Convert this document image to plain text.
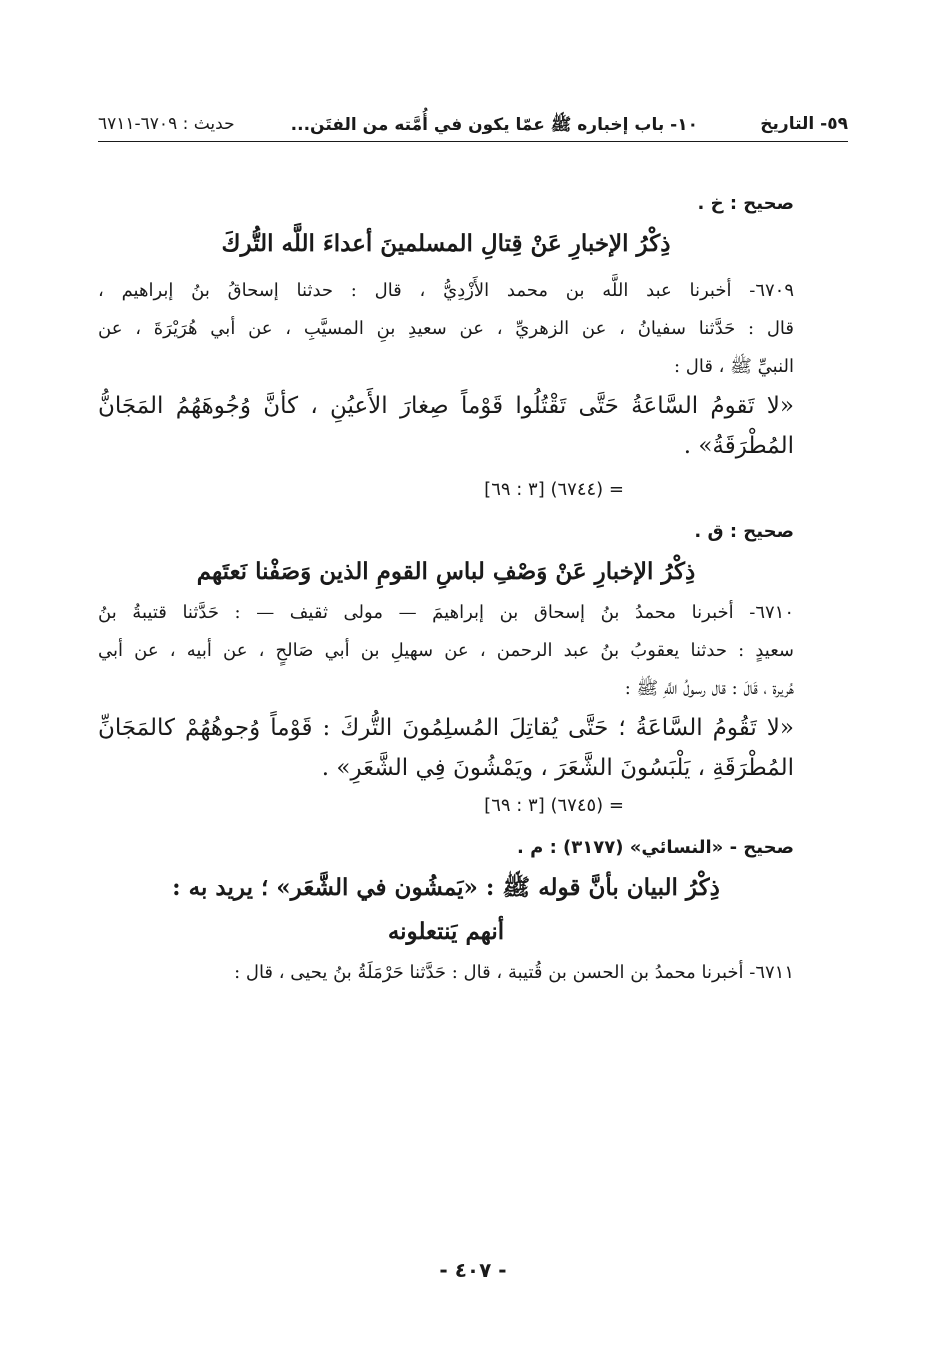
٥٩- التاريخ
١٠- باب إخباره ﷺ عمّا يكون في أُمَّته من الفتَن...
حديث : ٦٧٠٩-٦٧١١
صحيح : خ .
ذِكْرُ الإخبارِ عَنْ قِتالِ المسلمينَ أعداءَ اللَّه التُّركَ
٦٧٠٩- أخبرنا عبد اللَّه بن محمد الأَزْدِيُّ ، قال : حدثنا إسحاقُ بنُ إبراهيم ،
قال : حَدَّثنا سفيانُ ، عن الزهريِّ ، عن سعيدِ بنِ المسيَّبِ ، عن أبي هُرَيْرَةَ ، عن
النبيِّ ﷺ ، قال :
«لا تَقومُ السَّاعَةُ حَتَّى تَقْتُلُوا قَوْماً صِغارَ الأَعيُنِ ، كأنَّ وُجُوهَهُمُ المَجَانُّ
المُطْرَقَةُ» .
= (٦٧٤٤) [٣ : ٦٩]
صحيح : ق .
ذِكْرُ الإخبارِ عَنْ وَصْفِ لباسِ القومِ الذين وَصَفْنا نَعتَهم
٦٧١٠- أخبرنا محمدُ بنُ إسحاق بن إبراهيمَ — مولى ثقيف — : حَدَّثنا قتيبةُ بنُ
سعيدٍ : حدثنا يعقوبُ بنُ عبد الرحمن ، عن سهيلِ بن أبي صَالحٍ ، عن أبيه ، عن أبي
هُريرة ، قَالَ : قال رسولُ اللَّهِ ﷺ :
«لا تَقُومُ السَّاعَةُ ؛ حَتَّى يُقاتِلَ المُسلِمُونَ التُّركَ : قَوْماً وُجوهُهُمْ كالمَجَانِّ
المُطْرَقَةِ ، يَلْبَسُونَ الشَّعَرَ ، ويَمْشُونَ فِي الشَّعَرِ» .
= (٦٧٤٥) [٣ : ٦٩]
صحيح - «النسائي» (٣١٧٧) : م .
ذِكْرُ البيان بأنَّ قوله ﷺ : «يَمشُون في الشَّعَر» ؛ يريد به :
أنهم يَنتعلونه
٦٧١١- أخبرنا محمدُ بن الحسن بن قُتيبة ، قال : حَدَّثنا حَرْمَلَةُ بنُ يحيى ، قال :
- ٤٠٧ -
